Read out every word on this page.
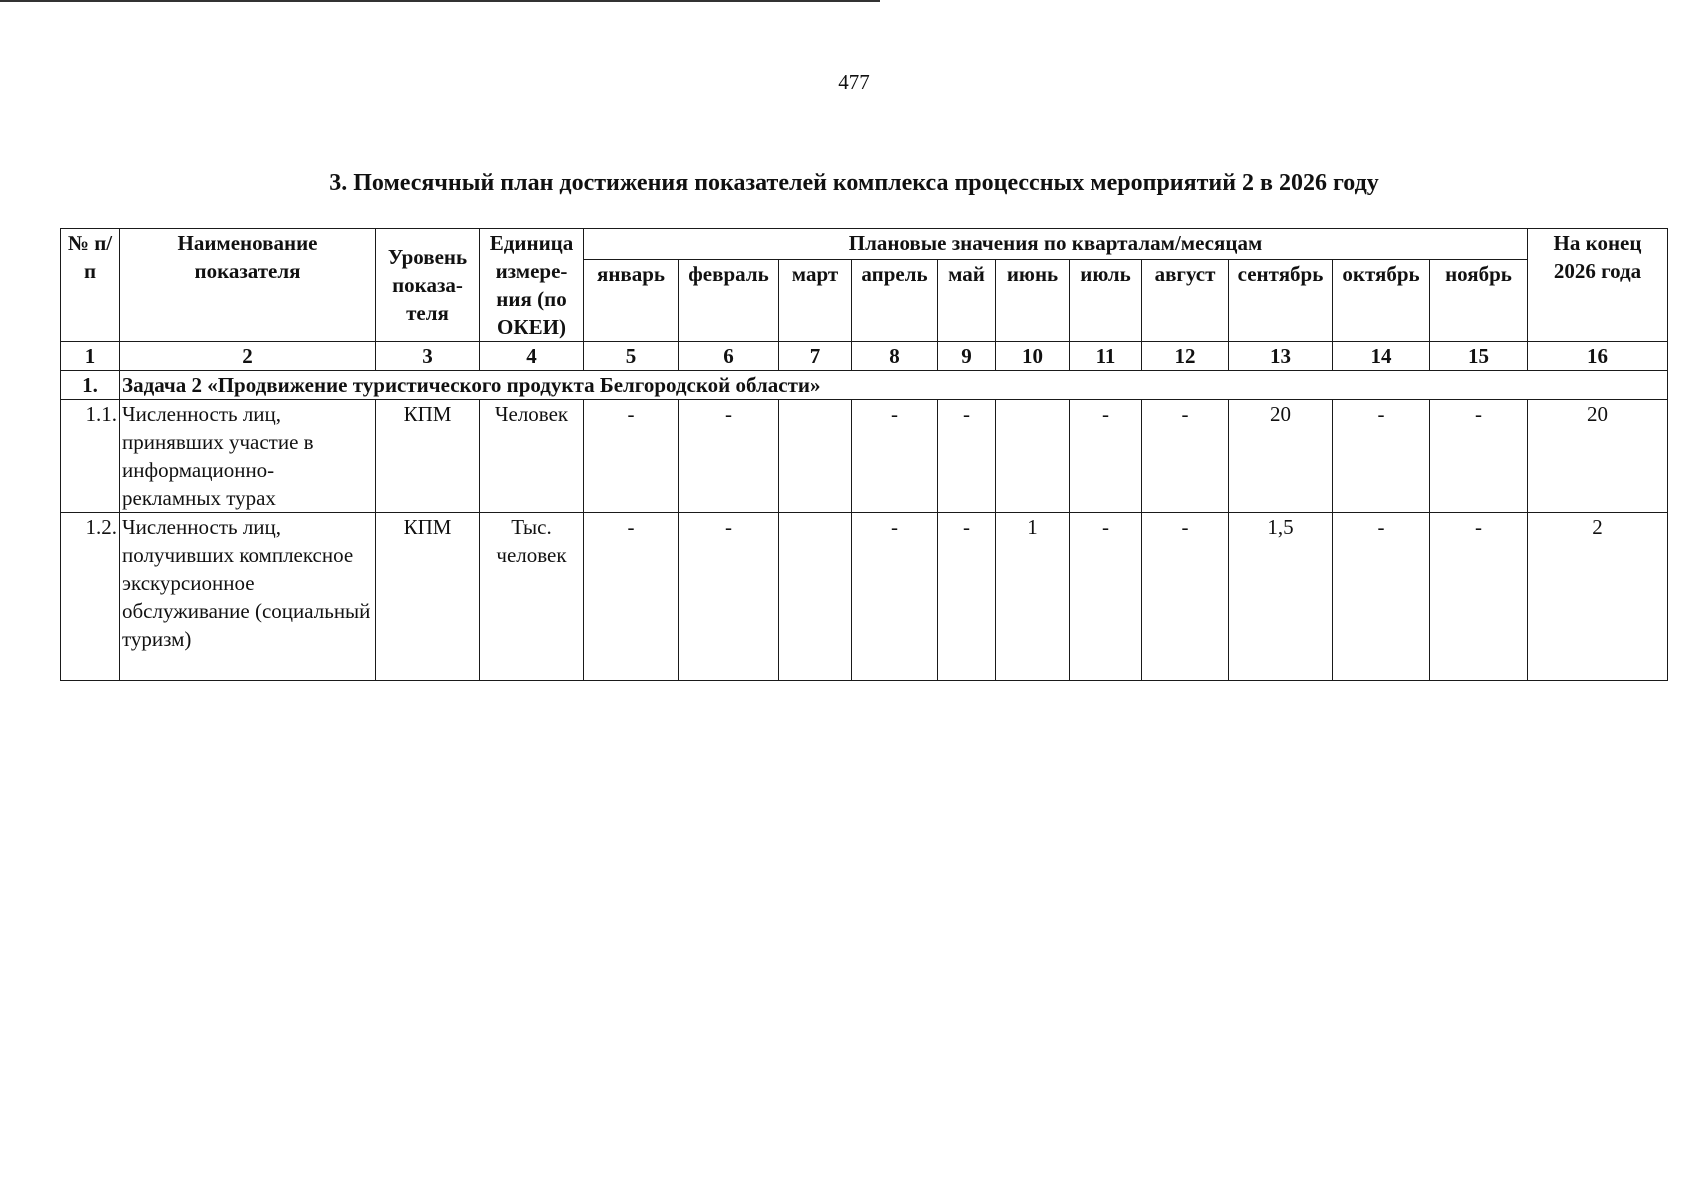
477
3. Помесячный план достижения показателей комплекса процессных мероприятий 2 в 2026 году
№ п/п	Наименование показателя	Уровень показа-теля	Единица измере-ния (по ОКЕИ)	Плановые значения по кварталам/месяцам											На конец 2026 года
				январь	февраль	март	апрель	май	июнь	июль	август	сентябрь	октябрь	ноябрь	
1	2	3	4	5	6	7	8	9	10	11	12	13	14	15	16
1.	Задача 2 «Продвижение туристического продукта Белгородской области»														
1.1.	Численность лиц, принявших участие в информационно-рекламных турах	КПМ	Человек	-	-		-	-		-	-	20	-	-	20
1.2.	Численность лиц, получивших комплексное экскурсионное обслуживание (социальный туризм)	КПМ	Тыс. человек	-	-		-	-	1	-	-	1,5	-	-	2
